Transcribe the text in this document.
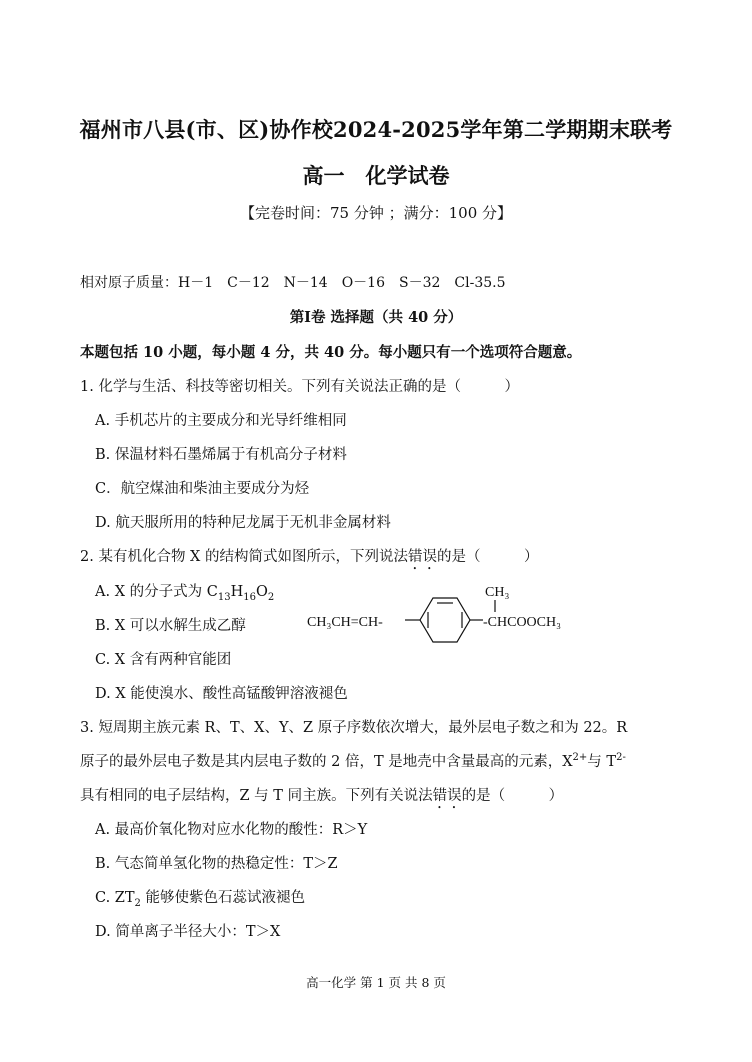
福州市八县(市、区)协作校2024-2025学年第二学期期末联考
高一　化学试卷
【完卷时间：75 分钟 ；满分：100 分】
相对原子质量：H－1　C－12　N－14　O－16　S－32　Cl-35.5
第Ⅰ卷 选择题（共 40 分）
本题包括 10 小题，每小题 4 分，共 40 分。每小题只有一个选项符合题意。
1. 化学与生活、科技等密切相关。下列有关说法正确的是（　　　）
A. 手机芯片的主要成分和光导纤维相同
B. 保温材料石墨烯属于有机高分子材料
C．航空煤油和柴油主要成分为烃
D. 航天服所用的特种尼龙属于无机非金属材料
2. 某有机化合物 X 的结构简式如图所示，下列说法错误的是（　　　）
A. X 的分子式为 $C_{13}H_{16}O_2$
B. X 可以水解生成乙醇
C. X 含有两种官能团
D. X 能使溴水、酸性高锰酸钾溶液褪色
CH₃CH=CH-
CH₃
-CHCOOCH₃
3. 短周期主族元素 R、T、X、Y、Z 原子序数依次增大，最外层电子数之和为 22。R
原子的最外层电子数是其内层电子数的 2 倍，T 是地壳中含量最高的元素，$X^{2+}$与 $T^{2-}$
具有相同的电子层结构，Z 与 T 同主族。下列有关说法错误的是（　　　）
A. 最高价氧化物对应水化物的酸性：R＞Y
B. 气态简单氢化物的热稳定性：T＞Z
C. $ZT_2$ 能够使紫色石蕊试液褪色
D. 简单离子半径大小：T＞X
高一化学 第 1 页 共 8 页
